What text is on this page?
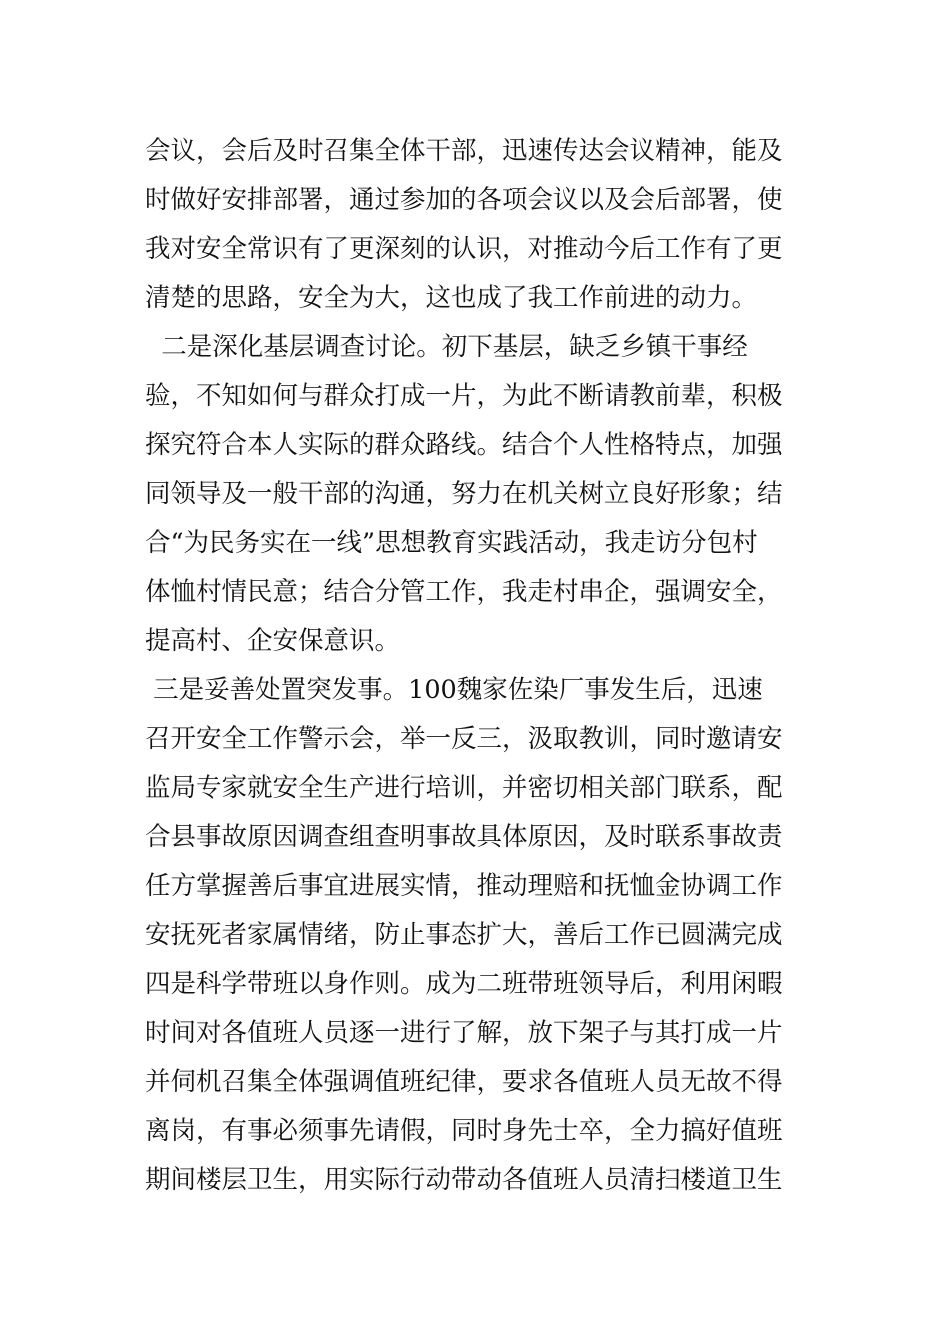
会议，会后及时召集全体干部，迅速传达会议精神，能及
时做好安排部署，通过参加的各项会议以及会后部署，使
我对安全常识有了更深刻的认识，对推动今后工作有了更
清楚的思路，安全为大，这也成了我工作前进的动力。
二是深化基层调查讨论。初下基层，缺乏乡镇干事经
验，不知如何与群众打成一片，为此不断请教前辈，积极
探究符合本人实际的群众路线。结合个人性格特点，加强
同领导及一般干部的沟通，努力在机关树立良好形象；结
合“为民务实在一线”思想教育实践活动，我走访分包村
体恤村情民意；结合分管工作，我走村串企，强调安全，
提高村、企安保意识。
三是妥善处置突发事。100魏家佐染厂事发生后，迅速
召开安全工作警示会，举一反三，汲取教训，同时邀请安
监局专家就安全生产进行培训，并密切相关部门联系，配
合县事故原因调查组查明事故具体原因，及时联系事故责
任方掌握善后事宜进展实情，推动理赔和抚恤金协调工作
安抚死者家属情绪，防止事态扩大，善后工作已圆满完成
四是科学带班以身作则。成为二班带班领导后，利用闲暇
时间对各值班人员逐一进行了解，放下架子与其打成一片
并伺机召集全体强调值班纪律，要求各值班人员无故不得
离岗，有事必须事先请假，同时身先士卒，全力搞好值班
期间楼层卫生，用实际行动带动各值班人员清扫楼道卫生
